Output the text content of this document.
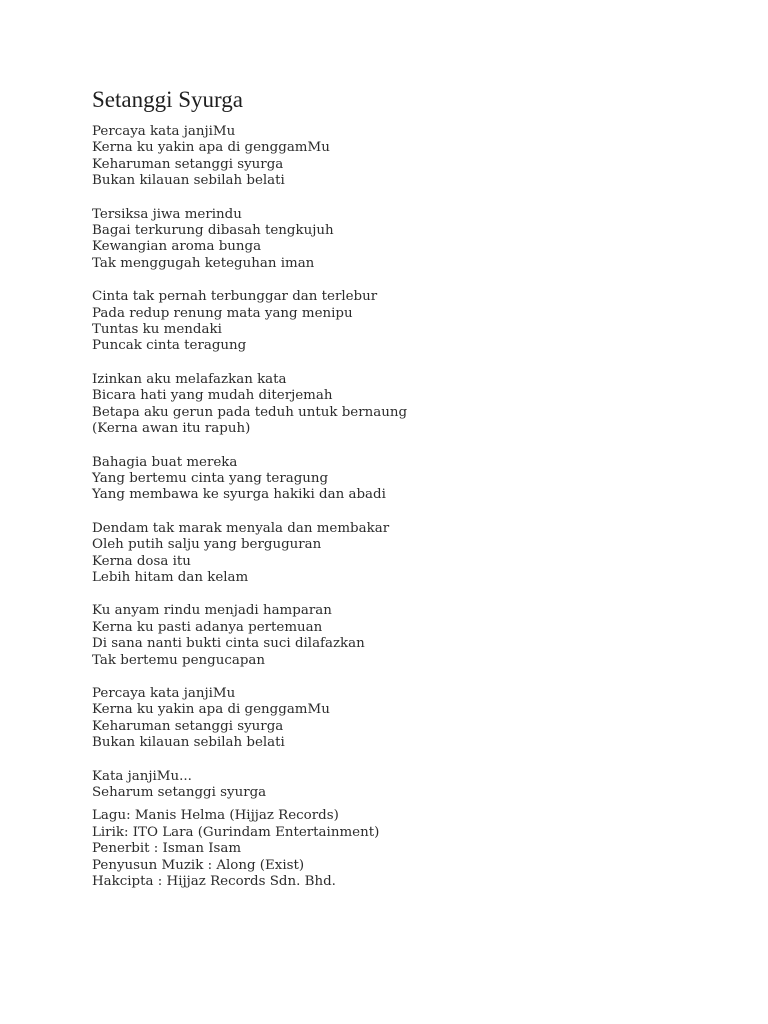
Setanggi Syurga
Percaya kata janjiMu
Kerna ku yakin apa di genggamMu
Keharuman setanggi syurga
Bukan kilauan sebilah belati
Tersiksa jiwa merindu
Bagai terkurung dibasah tengkujuh
Kewangian aroma bunga
Tak menggugah keteguhan iman
Cinta tak pernah terbunggar dan terlebur
Pada redup renung mata yang menipu
Tuntas ku mendaki
Puncak cinta teragung
Izinkan aku melafazkan kata
Bicara hati yang mudah diterjemah
Betapa aku gerun pada teduh untuk bernaung
(Kerna awan itu rapuh)
Bahagia buat mereka
Yang bertemu cinta yang teragung
Yang membawa ke syurga hakiki dan abadi
Dendam tak marak menyala dan membakar
Oleh putih salju yang berguguran
Kerna dosa itu
Lebih hitam dan kelam
Ku anyam rindu menjadi hamparan
Kerna ku pasti adanya pertemuan
Di sana nanti bukti cinta suci dilafazkan
Tak bertemu pengucapan
Percaya kata janjiMu
Kerna ku yakin apa di genggamMu
Keharuman setanggi syurga
Bukan kilauan sebilah belati
Kata janjiMu...
Seharum setanggi syurga
Lagu: Manis Helma (Hijjaz Records)
Lirik: ITO Lara (Gurindam Entertainment)
Penerbit : Isman Isam
Penyusun Muzik : Along (Exist)
Hakcipta : Hijjaz Records Sdn. Bhd.
